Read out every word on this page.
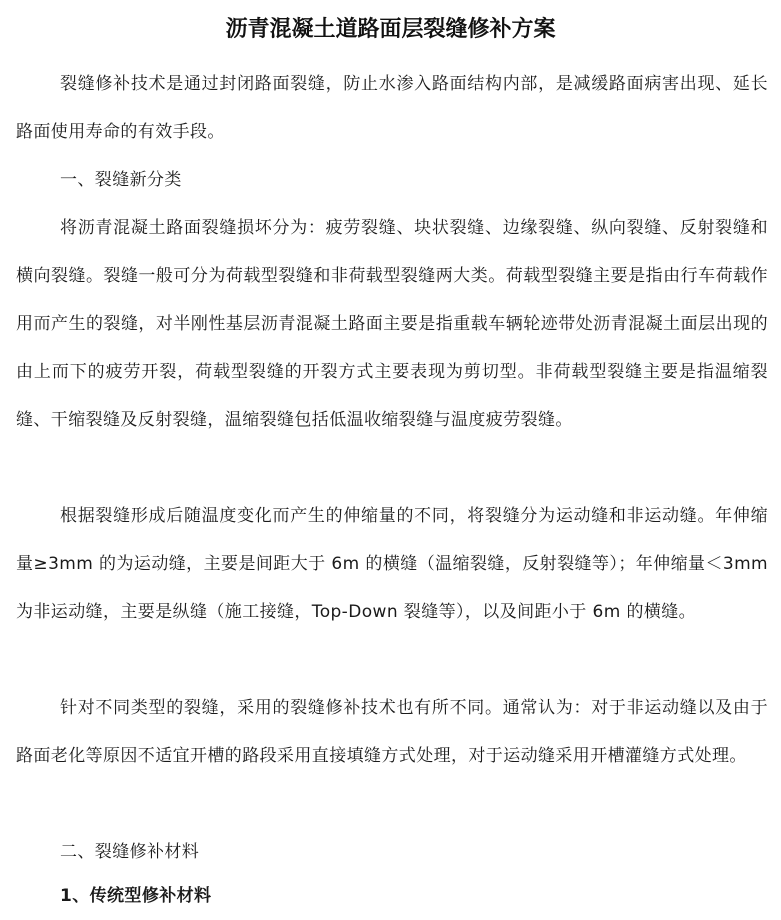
沥青混凝土道路面层裂缝修补方案
裂缝修补技术是通过封闭路面裂缝，防止水渗入路面结构内部，是减缓路面病害出现、延长路面使用寿命的有效手段。
一、裂缝新分类
将沥青混凝土路面裂缝损坏分为：疲劳裂缝、块状裂缝、边缘裂缝、纵向裂缝、反射裂缝和横向裂缝。裂缝一般可分为荷载型裂缝和非荷载型裂缝两大类。荷载型裂缝主要是指由行车荷载作用而产生的裂缝，对半刚性基层沥青混凝土路面主要是指重载车辆轮迹带处沥青混凝土面层出现的由上而下的疲劳开裂，荷载型裂缝的开裂方式主要表现为剪切型。非荷载型裂缝主要是指温缩裂缝、干缩裂缝及反射裂缝，温缩裂缝包括低温收缩裂缝与温度疲劳裂缝。
根据裂缝形成后随温度变化而产生的伸缩量的不同，将裂缝分为运动缝和非运动缝。年伸缩量≥3mm 的为运动缝，主要是间距大于 6m 的横缝（温缩裂缝，反射裂缝等）；年伸缩量＜3mm 为非运动缝，主要是纵缝（施工接缝，Top-Down 裂缝等），以及间距小于 6m 的横缝。
针对不同类型的裂缝，采用的裂缝修补技术也有所不同。通常认为：对于非运动缝以及由于路面老化等原因不适宜开槽的路段采用直接填缝方式处理，对于运动缝采用开槽灌缝方式处理。
二、裂缝修补材料
1、传统型修补材料
